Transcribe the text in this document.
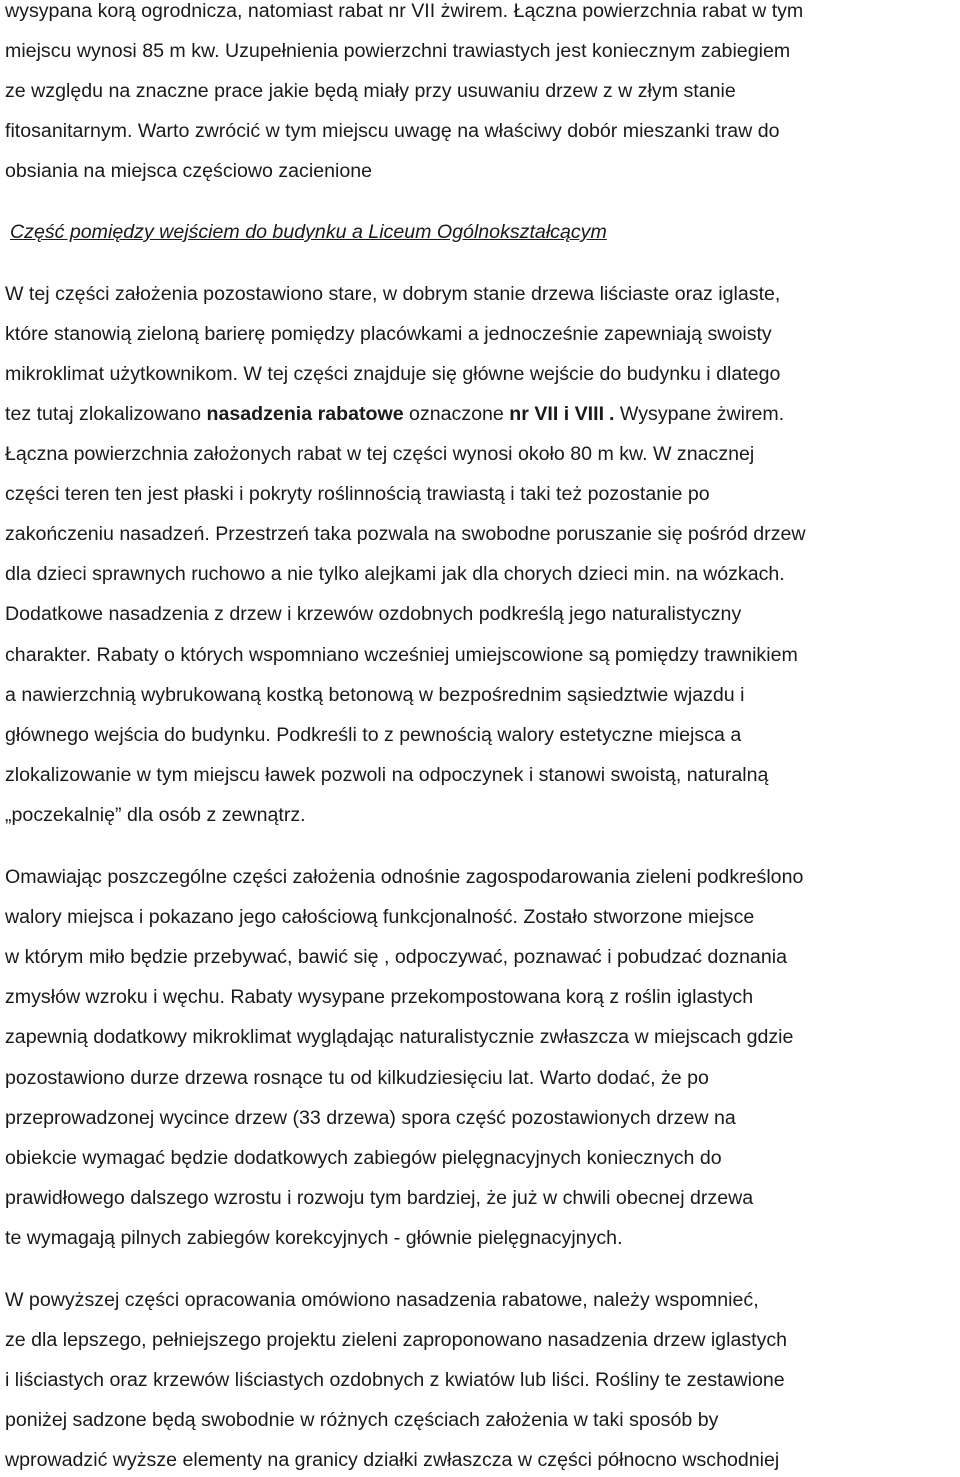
wysypana korą ogrodnicza, natomiast rabat nr VII żwirem. Łączna powierzchnia rabat w tym
miejscu wynosi 85 m kw. Uzupełnienia powierzchni trawiastych jest koniecznym zabiegiem
ze względu na znaczne prace jakie będą miały przy usuwaniu drzew z w złym stanie
fitosanitarnym. Warto zwrócić w tym miejscu uwagę na właściwy dobór mieszanki traw do
obsiania na miejsca częściowo zacienione
Część pomiędzy wejściem do budynku a Liceum Ogólnokształcącym
W tej części założenia pozostawiono stare, w dobrym stanie drzewa liściaste oraz iglaste,
które stanowią zieloną barierę pomiędzy placówkami a jednocześnie zapewniają swoisty
mikroklimat użytkownikom. W tej części znajduje się główne wejście do budynku i dlatego
tez tutaj zlokalizowano nasadzenia rabatowe oznaczone nr VII i VIII . Wysypane żwirem.
Łączna powierzchnia założonych rabat w tej części wynosi około 80 m kw. W znacznej
części teren ten jest płaski i pokryty roślinnością trawiastą i taki też pozostanie po
zakończeniu nasadzeń. Przestrzeń taka pozwala na swobodne poruszanie się pośród drzew
dla dzieci sprawnych ruchowo a nie tylko alejkami jak dla chorych dzieci min. na wózkach.
Dodatkowe nasadzenia z drzew i krzewów ozdobnych podkreślą jego naturalistyczny
charakter. Rabaty o których wspomniano wcześniej umiejscowione są pomiędzy trawnikiem
a nawierzchnią wybrukowaną kostką betonową w bezpośrednim sąsiedztwie wjazdu i
głównego wejścia do budynku. Podkreśli to z pewnością walory estetyczne miejsca a
zlokalizowanie w tym miejscu ławek pozwoli na odpoczynek i stanowi swoistą, naturalną
„poczekalnię” dla osób z zewnątrz.
Omawiając poszczególne części założenia odnośnie zagospodarowania zieleni podkreślono
walory miejsca i pokazano jego całościową funkcjonalność. Zostało stworzone miejsce
w którym miło będzie przebywać, bawić się , odpoczywać, poznawać i pobudzać doznania
zmysłów wzroku i węchu. Rabaty wysypane przekompostowana korą z roślin iglastych
zapewnią dodatkowy mikroklimat wyglądając naturalistycznie zwłaszcza w miejscach gdzie
pozostawiono durze drzewa rosnące tu od kilkudziesięciu lat. Warto dodać, że po
przeprowadzonej wycince drzew (33 drzewa) spora część pozostawionych drzew na
obiekcie wymagać będzie dodatkowych zabiegów pielęgnacyjnych koniecznych do
prawidłowego dalszego wzrostu i rozwoju tym bardziej, że już w chwili obecnej drzewa
te wymagają pilnych zabiegów korekcyjnych - głównie pielęgnacyjnych.
W powyższej części opracowania omówiono nasadzenia rabatowe, należy wspomnieć,
ze dla lepszego, pełniejszego projektu zieleni zaproponowano nasadzenia drzew iglastych
i liściastych oraz krzewów liściastych ozdobnych z kwiatów lub liści. Rośliny te zestawione
poniżej sadzone będą swobodnie w różnych częściach założenia w taki sposób by
wprowadzić wyższe elementy na granicy działki zwłaszcza w części północno wschodniej
